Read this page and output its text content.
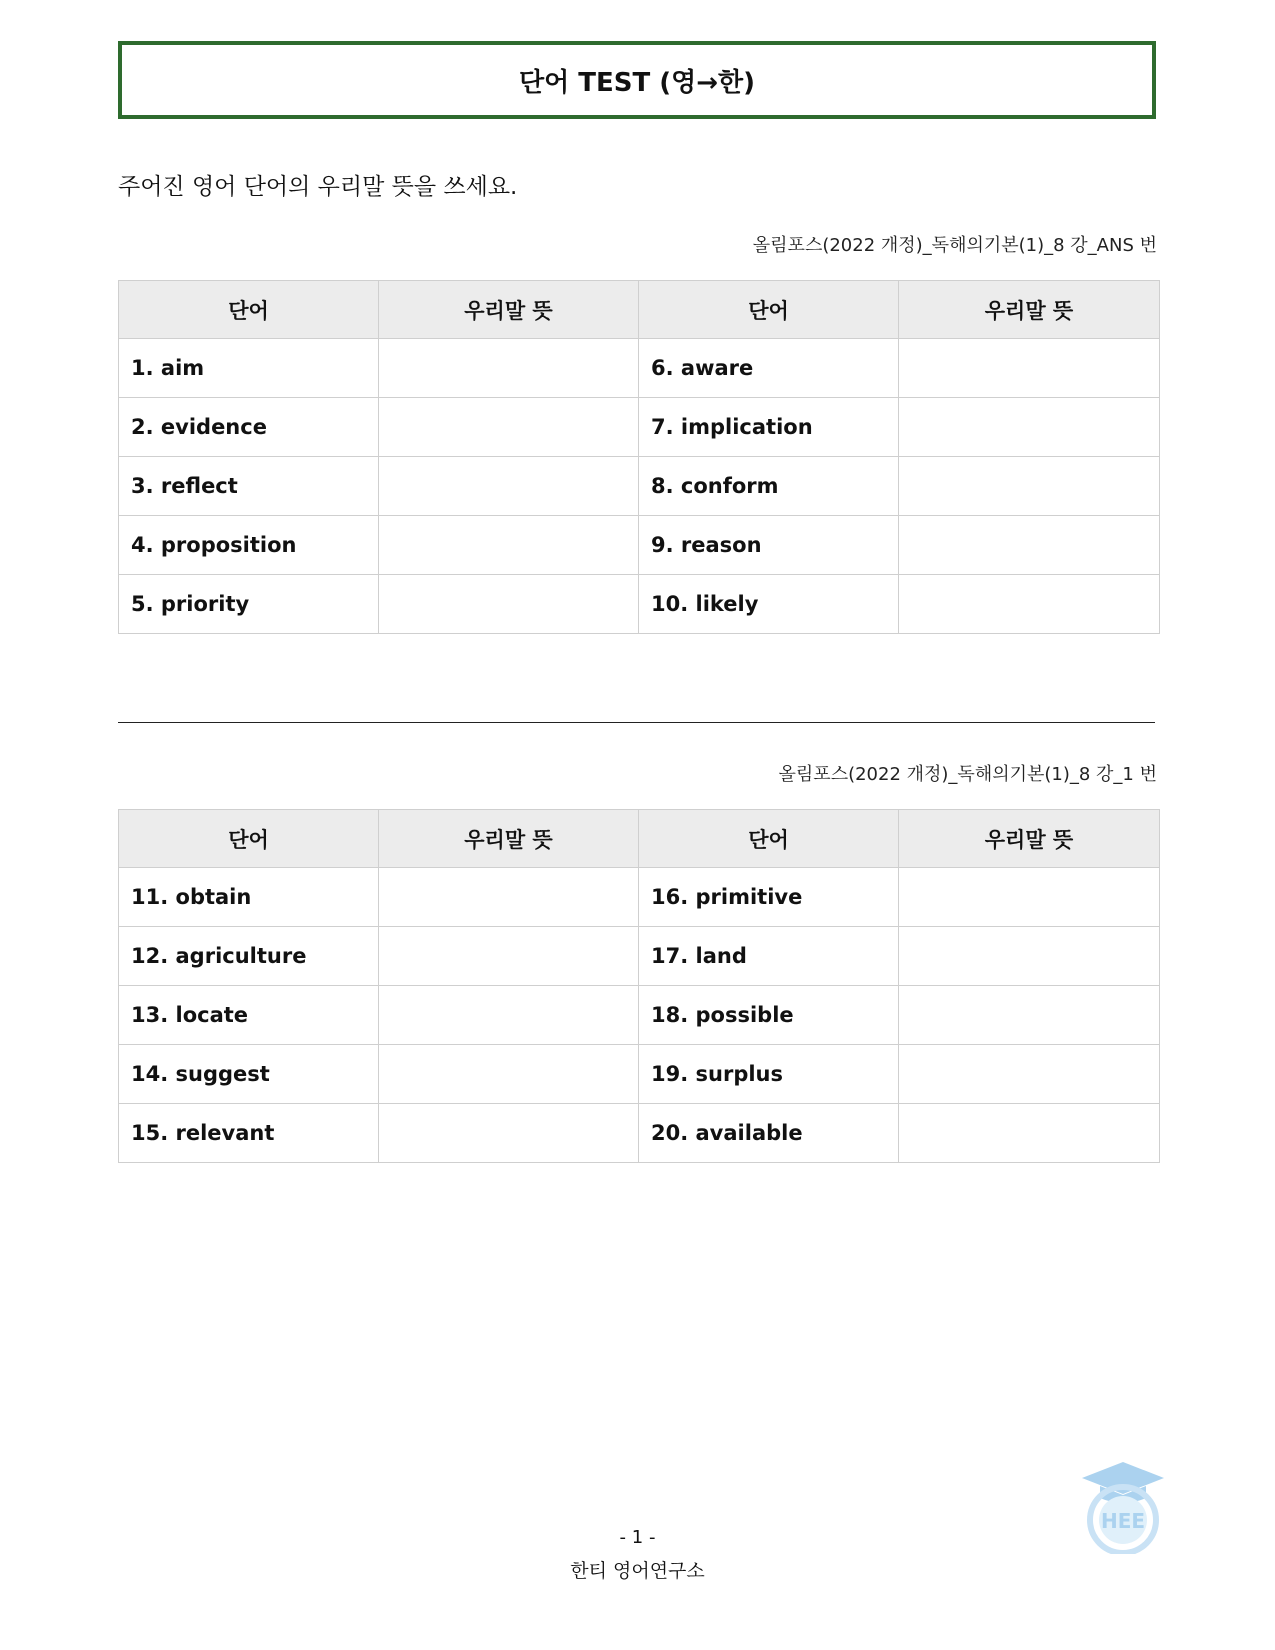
단어 TEST (영→한)
주어진 영어 단어의 우리말 뜻을 쓰세요.
올림포스(2022 개정)_독해의기본(1)_8 강_ANS 번
단어	우리말 뜻	단어	우리말 뜻
1. aim		6. aware	
2. evidence		7. implication	
3. reflect		8. conform	
4. proposition		9. reason	
5. priority		10. likely	
올림포스(2022 개정)_독해의기본(1)_8 강_1 번
단어	우리말 뜻	단어	우리말 뜻
11. obtain		16. primitive	
12. agriculture		17. land	
13. locate		18. possible	
14. suggest		19. surplus	
15. relevant		20. available	
- 1 -
한티 영어연구소
HEE
